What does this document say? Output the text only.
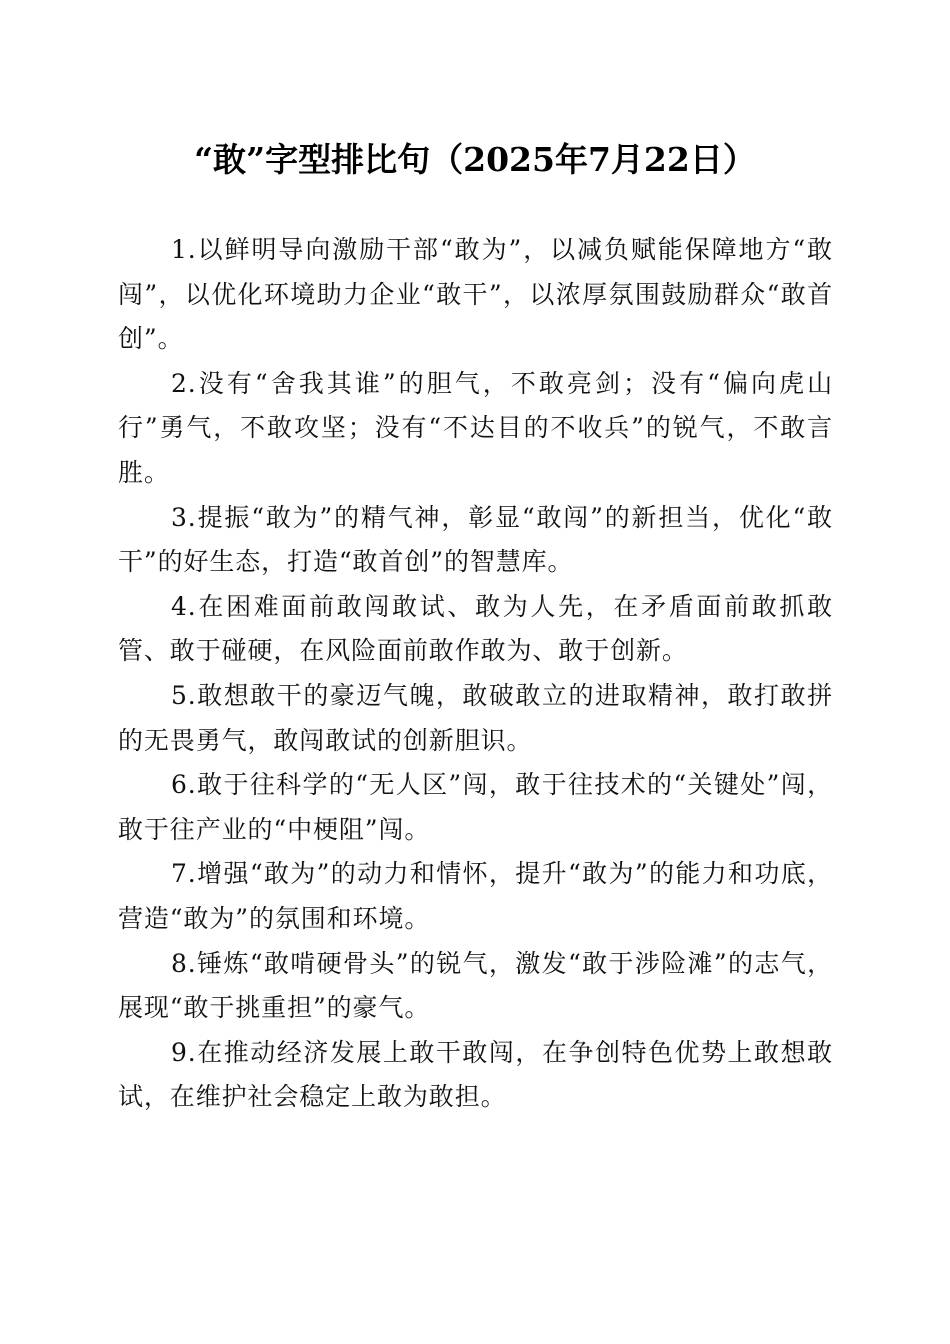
“敢”字型排比句（2025年7月22日）

1.以鲜明导向激励干部“敢为”，以减负赋能保障地方“敢闯”，以优化环境助力企业“敢干”，以浓厚氛围鼓励群众“敢首创”。

2.没有“舍我其谁”的胆气，不敢亮剑；没有“偏向虎山行”勇气，不敢攻坚；没有“不达目的不收兵”的锐气，不敢言胜。

3.提振“敢为”的精气神，彰显“敢闯”的新担当，优化“敢干”的好生态，打造“敢首创”的智慧库。

4.在困难面前敢闯敢试、敢为人先，在矛盾面前敢抓敢管、敢于碰硬，在风险面前敢作敢为、敢于创新。

5.敢想敢干的豪迈气魄，敢破敢立的进取精神，敢打敢拼的无畏勇气，敢闯敢试的创新胆识。

6.敢于往科学的“无人区”闯，敢于往技术的“关键处”闯，敢于往产业的“中梗阻”闯。

7.增强“敢为”的动力和情怀，提升“敢为”的能力和功底，营造“敢为”的氛围和环境。

8.锤炼“敢啃硬骨头”的锐气，激发“敢于涉险滩”的志气，展现“敢于挑重担”的豪气。

9.在推动经济发展上敢干敢闯，在争创特色优势上敢想敢试，在维护社会稳定上敢为敢担。
